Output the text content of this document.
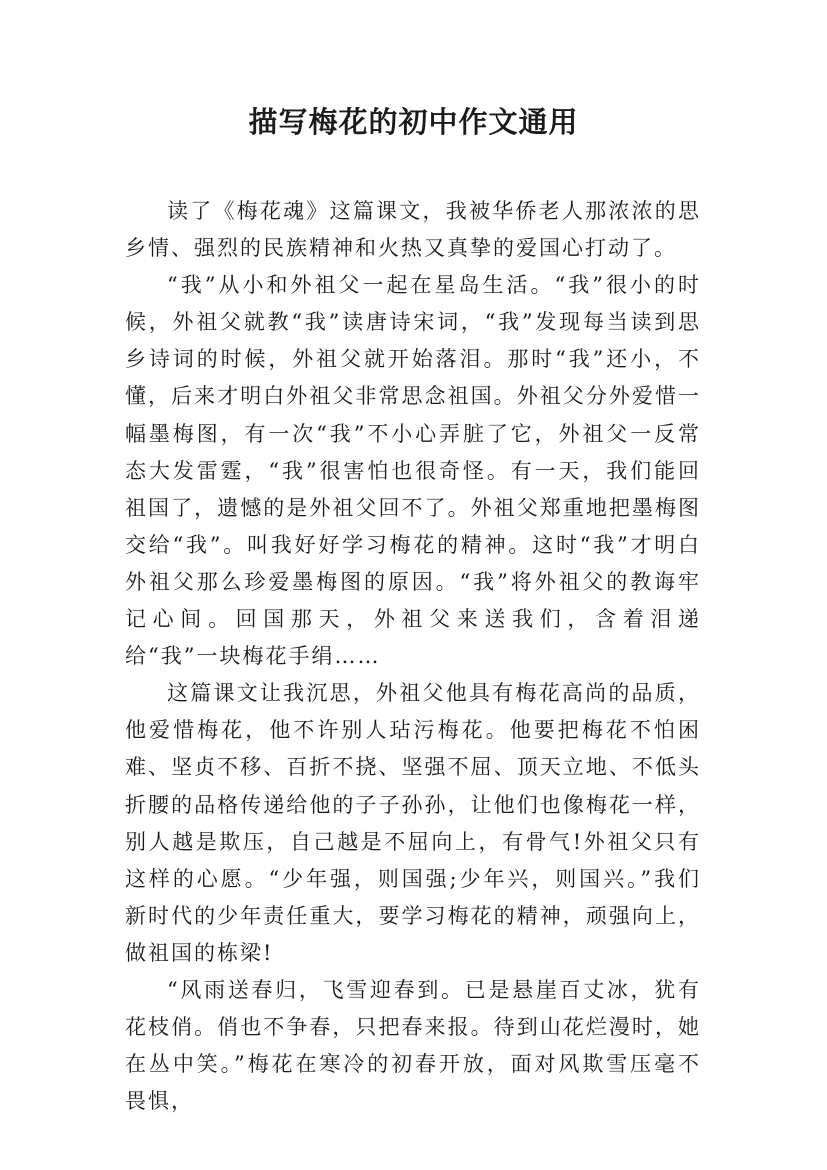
描写梅花的初中作文通用

读了《梅花魂》这篇课文，我被华侨老人那浓浓的思乡情、强烈的民族精神和火热又真挚的爱国心打动了。

“我”从小和外祖父一起在星岛生活。“我”很小的时候，外祖父就教“我”读唐诗宋词，“我”发现每当读到思乡诗词的时候，外祖父就开始落泪。那时“我”还小，不懂，后来才明白外祖父非常思念祖国。外祖父分外爱惜一幅墨梅图，有一次“我”不小心弄脏了它，外祖父一反常态大发雷霆，“我”很害怕也很奇怪。有一天，我们能回祖国了，遗憾的是外祖父回不了。外祖父郑重地把墨梅图交给“我”。叫我好好学习梅花的精神。这时“我”才明白外祖父那么珍爱墨梅图的原因。“我”将外祖父的教诲牢记心间。回国那天，外祖父来送我们，含着泪递给“我”一块梅花手绢……

这篇课文让我沉思，外祖父他具有梅花高尚的品质，他爱惜梅花，他不许别人玷污梅花。他要把梅花不怕困难、坚贞不移、百折不挠、坚强不屈、顶天立地、不低头折腰的品格传递给他的子子孙孙，让他们也像梅花一样，别人越是欺压，自己越是不屈向上，有骨气!外祖父只有这样的心愿。“少年强，则国强;少年兴，则国兴。”我们新时代的少年责任重大，要学习梅花的精神，顽强向上，做祖国的栋梁!

“风雨送春归，飞雪迎春到。已是悬崖百丈冰，犹有花枝俏。俏也不争春，只把春来报。待到山花烂漫时，她在丛中笑。”梅花在寒冷的初春开放，面对风欺雪压毫不畏惧，
